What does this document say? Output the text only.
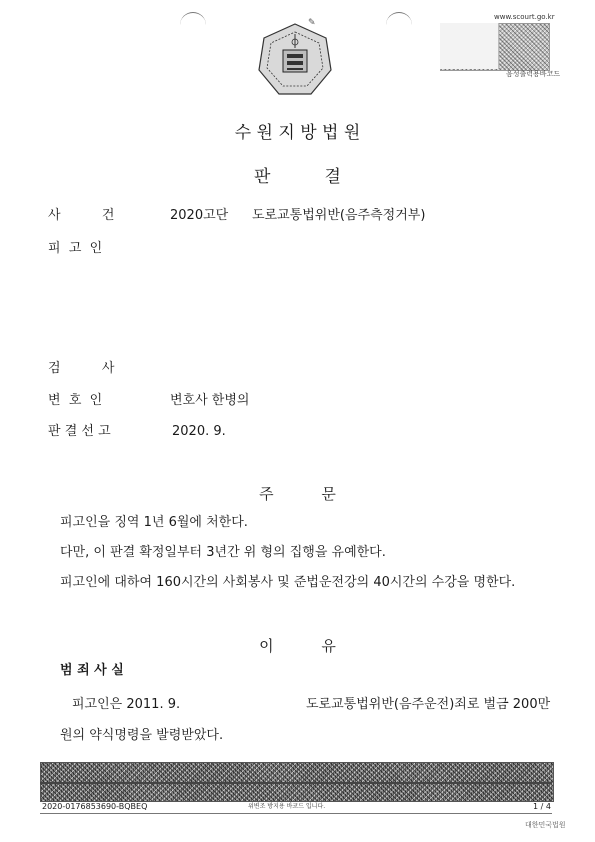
✎
www.scourt.go.kr
음성출력용바코드
수 원 지 방 법 원
판          결
사          건	2020고단 도로교통법위반(음주측정거부)
피  고  인
검          사
변  호  인	변호사 한병의
판 결 선 고	2020. 9.
주          문
피고인을 징역 1년 6월에 처한다.
다만, 이 판결 확정일부터 3년간 위 형의 집행을 유예한다.
피고인에 대하여 160시간의 사회봉사 및 준법운전강의 40시간의 수강을 명한다.
이          유
범 죄 사 실
피고인은 2011. 9.	도로교통법위반(음주운전)죄로 벌금 200만
원의 약식명령을 발령받았다.
2020-0176853690-BQBEQ	위변조 방지용 바코드 입니다.	1 / 4
대한민국법원
